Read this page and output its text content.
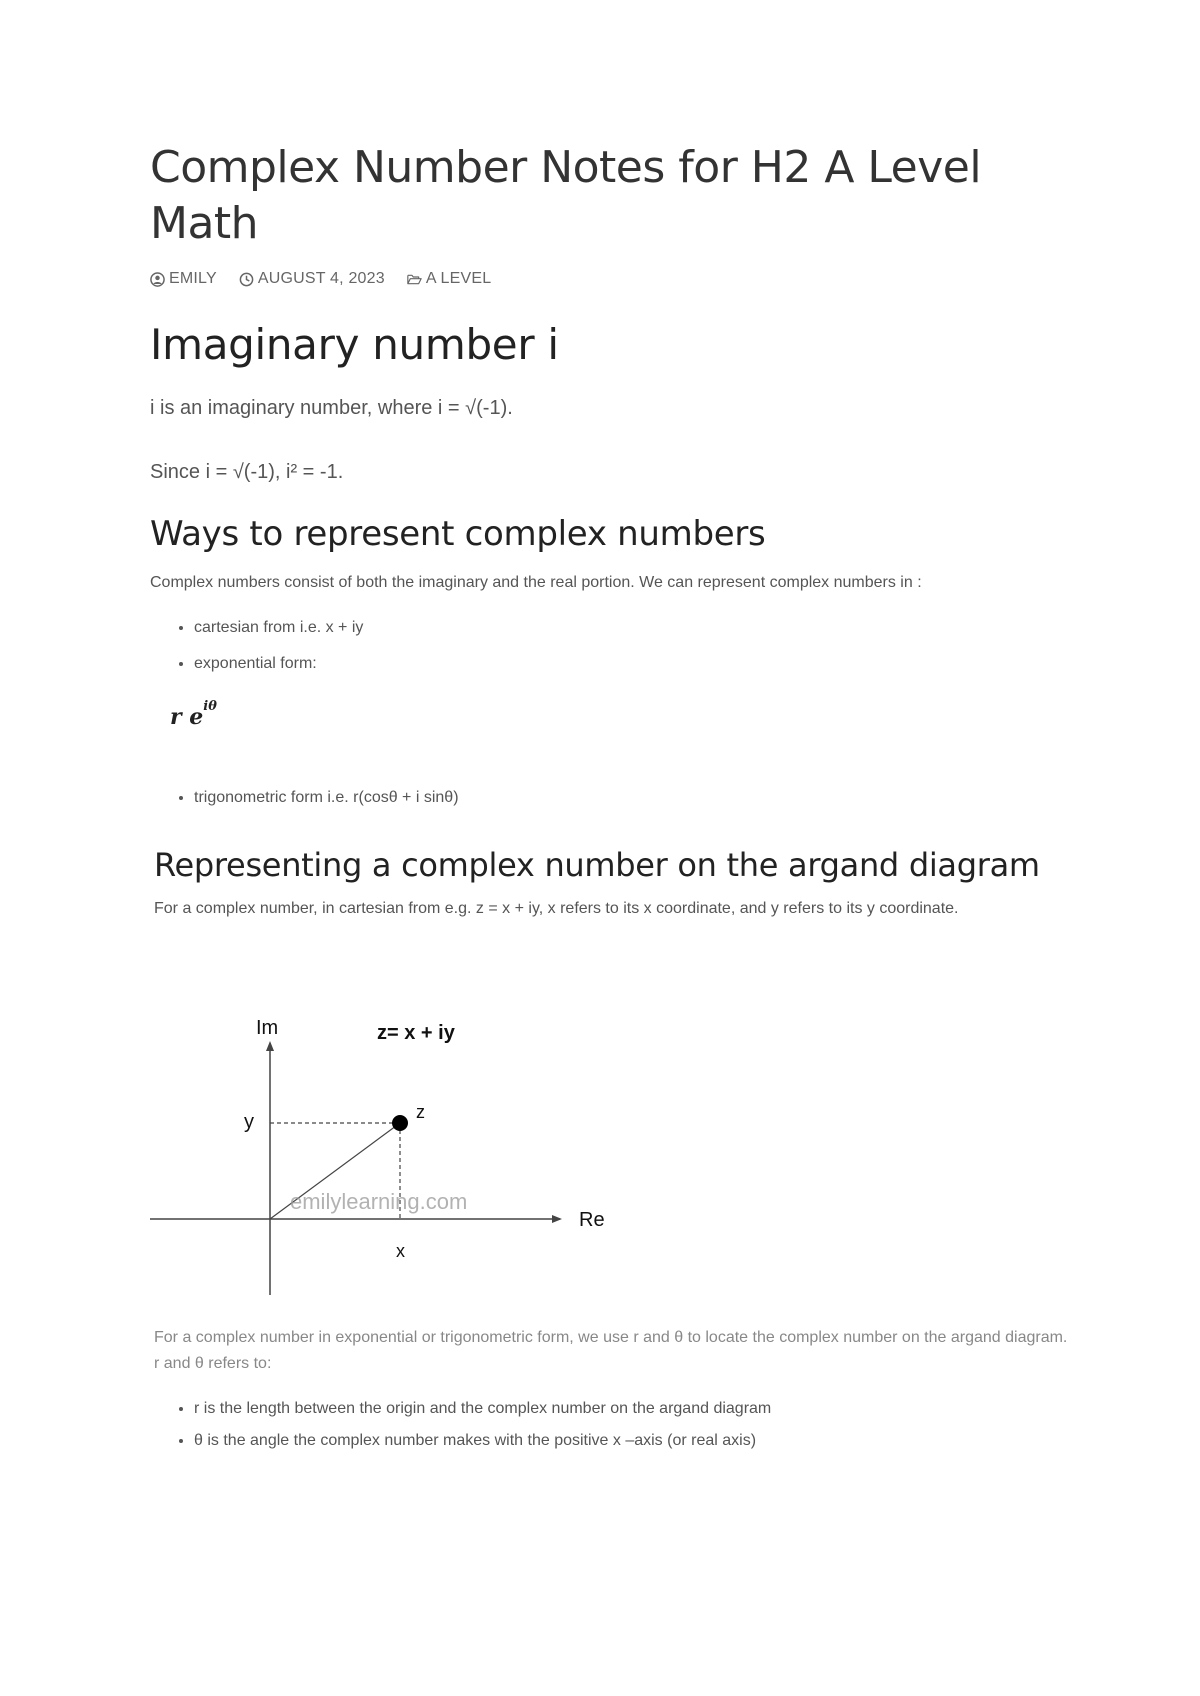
Complex Number Notes for H2 A Level Math
EMILY	AUGUST 4, 2023	A LEVEL
Imaginary number i

i is an imaginary number, where i = √(-1).

Since i = √(-1), i² = -1.

Ways to represent complex numbers

Complex numbers consist of both the imaginary and the real portion. We can represent complex numbers in :

• cartesian from i.e. x + iy
• exponential form:
r $e^{i\theta}$
• trigonometric form i.e. r(cosθ + i sinθ)
Representing a complex number on the argand diagram

For a complex number, in cartesian from e.g. z = x + iy, x refers to its x coordinate, and y refers to its y coordinate.

Im	z= x + iy
y	z
emilylearning.com
Re
x

For a complex number in exponential or trigonometric form, we use r and θ to locate the complex number on the argand diagram. r and θ refers to:

• r is the length between the origin and the complex number on the argand diagram
• θ is the angle the complex number makes with the positive x –axis (or real axis)
